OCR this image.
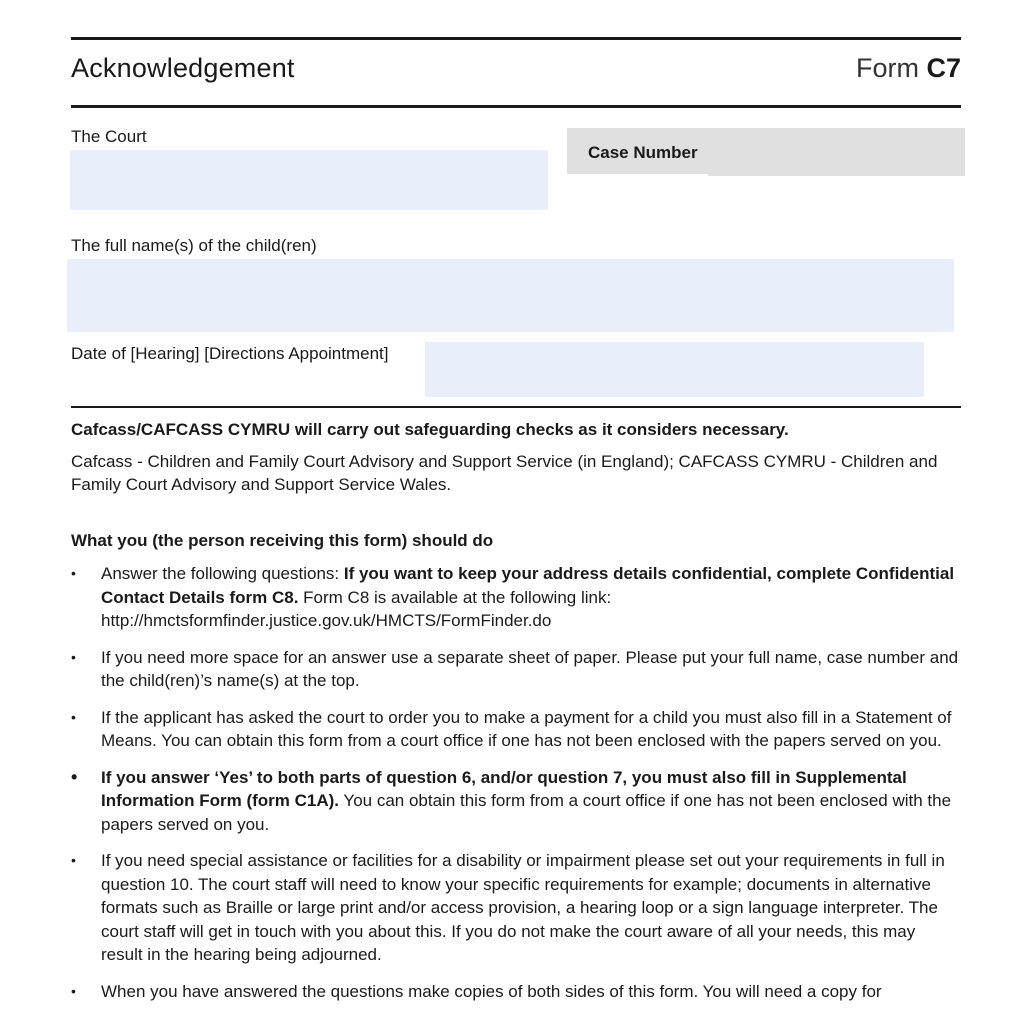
Acknowledgement	Form C7
The Court
Case Number
The full name(s) of the child(ren)
Date of [Hearing] [Directions Appointment]
Cafcass/CAFCASS CYMRU will carry out safeguarding checks as it considers necessary.
Cafcass - Children and Family Court Advisory and Support Service (in England); CAFCASS CYMRU - Children and Family Court Advisory and Support Service Wales.
What you (the person receiving this form) should do
• Answer the following questions: If you want to keep your address details confidential, complete Confidential Contact Details form C8. Form C8 is available at the following link: http://hmctsformfinder.justice.gov.uk/HMCTS/FormFinder.do
• If you need more space for an answer use a separate sheet of paper. Please put your full name, case number and the child(ren)’s name(s) at the top.
• If the applicant has asked the court to order you to make a payment for a child you must also fill in a Statement of Means. You can obtain this form from a court office if one has not been enclosed with the papers served on you.
• If you answer ‘Yes’ to both parts of question 6, and/or question 7, you must also fill in Supplemental Information Form (form C1A). You can obtain this form from a court office if one has not been enclosed with the papers served on you.
• If you need special assistance or facilities for a disability or impairment please set out your requirements in full in question 10. The court staff will need to know your specific requirements for example; documents in alternative formats such as Braille or large print and/or access provision, a hearing loop or a sign language interpreter. The court staff will get in touch with you about this. If you do not make the court aware of all your needs, this may result in the hearing being adjourned.
• When you have answered the questions make copies of both sides of this form. You will need a copy for
